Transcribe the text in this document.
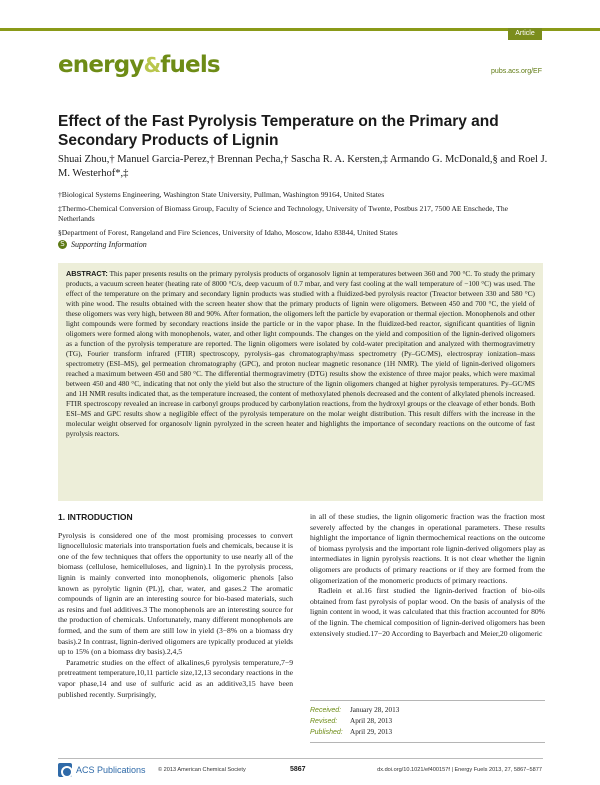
Article
energy&fuels	pubs.acs.org/EF
Effect of the Fast Pyrolysis Temperature on the Primary and Secondary Products of Lignin
Shuai Zhou,† Manuel Garcia-Perez,† Brennan Pecha,† Sascha R. A. Kersten,‡ Armando G. McDonald,§ and Roel J. M. Westerhof*,‡
†Biological Systems Engineering, Washington State University, Pullman, Washington 99164, United States
‡Thermo-Chemical Conversion of Biomass Group, Faculty of Science and Technology, University of Twente, Postbus 217, 7500 AE Enschede, The Netherlands
§Department of Forest, Rangeland and Fire Sciences, University of Idaho, Moscow, Idaho 83844, United States
S Supporting Information
ABSTRACT: This paper presents results on the primary pyrolysis products of organosolv lignin at temperatures between 360 and 700 °C. To study the primary products, a vacuum screen heater (heating rate of 8000 °C/s, deep vacuum of 0.7 mbar, and very fast cooling at the wall temperature of −100 °C) was used. The effect of the temperature on the primary and secondary lignin products was studied with a fluidized-bed pyrolysis reactor (Treactor between 330 and 580 °C) with pine wood. The results obtained with the screen heater show that the primary products of lignin were oligomers. Between 450 and 700 °C, the yield of these oligomers was very high, between 80 and 90%. After formation, the oligomers left the particle by evaporation or thermal ejection. Monophenols and other light compounds were formed by secondary reactions inside the particle or in the vapor phase. In the fluidized-bed reactor, significant quantities of lignin oligomers were formed along with monophenols, water, and other light compounds. The changes on the yield and composition of the lignin-derived oligomers as a function of the pyrolysis temperature are reported. The lignin oligomers were isolated by cold-water precipitation and analyzed with thermogravimetry (TG), Fourier transform infrared (FTIR) spectroscopy, pyrolysis–gas chromatography/mass spectrometry (Py–GC/MS), electrospray ionization–mass spectrometry (ESI–MS), gel permeation chromatography (GPC), and proton nuclear magnetic resonance (1H NMR). The yield of lignin-derived oligomers reached a maximum between 450 and 580 °C. The differential thermogravimetry (DTG) results show the existence of three major peaks, which were maximal between 450 and 480 °C, indicating that not only the yield but also the structure of the lignin oligomers changed at higher pyrolysis temperatures. Py–GC/MS and 1H NMR results indicated that, as the temperature increased, the content of methoxylated phenols decreased and the content of alkylated phenols increased. FTIR spectroscopy revealed an increase in carbonyl groups produced by carbonylation reactions, from the hydroxyl groups or the cleavage of ether bonds. Both ESI–MS and GPC results show a negligible effect of the pyrolysis temperature on the molar weight distribution. This result differs with the increase in the molecular weight observed for organosolv lignin pyrolyzed in the screen heater and highlights the importance of secondary reactions on the outcome of fast pyrolysis reactors.
1. INTRODUCTION

Pyrolysis is considered one of the most promising processes to convert lignocellulosic materials into transportation fuels and chemicals, because it is one of the few techniques that offers the opportunity to use nearly all of the biomass (cellulose, hemicelluloses, and lignin).1 In the pyrolysis process, lignin is mainly converted into monophenols, oligomeric phenols [also known as pyrolytic lignin (PL)], char, water, and gases.2 The aromatic compounds of lignin are an interesting source for bio-based materials, such as resins and fuel additives.3 The monophenols are an interesting source for the production of chemicals. Unfortunately, many different monophenols are formed, and the sum of them are still low in yield (3−8% on a biomass dry basis).2 In contrast, lignin-derived oligomers are typically produced at yields up to 15% (on a biomass dry basis).2,4,5

Parametric studies on the effect of alkalines,6 pyrolysis temperature,7−9 pretreatment temperature,10,11 particle size,12,13 secondary reactions in the vapor phase,14 and use of sulfuric acid as an additive3,15 have been published recently. Surprisingly,

in all of these studies, the lignin oligomeric fraction was the fraction most severely affected by the changes in operational parameters. These results highlight the importance of lignin thermochemical reactions on the outcome of biomass pyrolysis and the important role lignin-derived oligomers play as intermediates in lignin pyrolysis reactions. It is not clear whether the lignin oligomers are products of primary reactions or if they are formed from the oligomerization of the monomeric products of primary reactions.

Radlein et al.16 first studied the lignin-derived fraction of bio-oils obtained from fast pyrolysis of poplar wood. On the basis of analysis of the lignin content in wood, it was calculated that this fraction accounted for 80% of the lignin. The chemical composition of lignin-derived oligomers has been extensively studied.17−20 According to Bayerbach and Meier,20 oligomeric

Received: January 28, 2013
Revised: April 28, 2013
Published: April 29, 2013
ACS Publications © 2013 American Chemical Society	5867	dx.doi.org/10.1021/ef400157f | Energy Fuels 2013, 27, 5867−5877
